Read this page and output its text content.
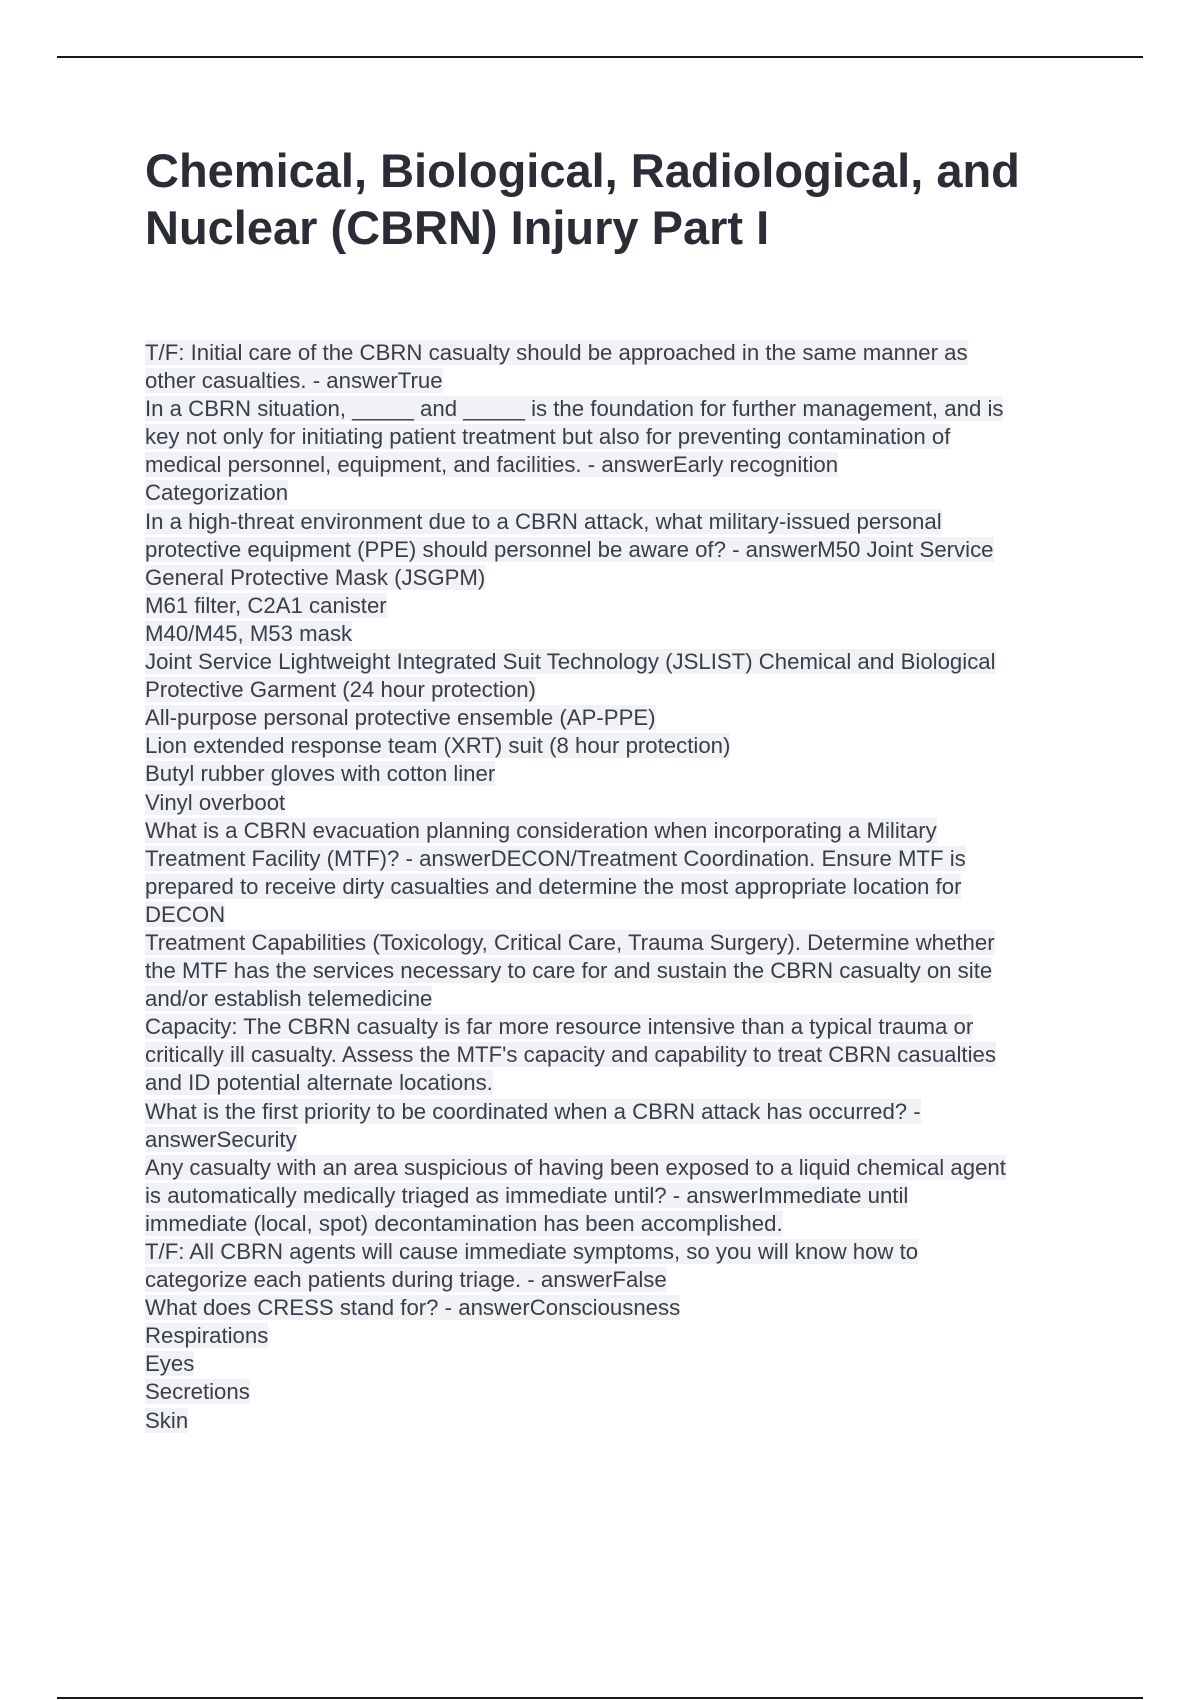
Chemical, Biological, Radiological, and
Nuclear (CBRN) Injury Part I
T/F: Initial care of the CBRN casualty should be approached in the same manner as
other casualties. - answerTrue
In a CBRN situation, _____ and _____ is the foundation for further management, and is
key not only for initiating patient treatment but also for preventing contamination of
medical personnel, equipment, and facilities. - answerEarly recognition
Categorization
In a high-threat environment due to a CBRN attack, what military-issued personal
protective equipment (PPE) should personnel be aware of? - answerM50 Joint Service
General Protective Mask (JSGPM)
M61 filter, C2A1 canister
M40/M45, M53 mask
Joint Service Lightweight Integrated Suit Technology (JSLIST) Chemical and Biological
Protective Garment (24 hour protection)
All-purpose personal protective ensemble (AP-PPE)
Lion extended response team (XRT) suit (8 hour protection)
Butyl rubber gloves with cotton liner
Vinyl overboot
What is a CBRN evacuation planning consideration when incorporating a Military
Treatment Facility (MTF)? - answerDECON/Treatment Coordination. Ensure MTF is
prepared to receive dirty casualties and determine the most appropriate location for
DECON
Treatment Capabilities (Toxicology, Critical Care, Trauma Surgery). Determine whether
the MTF has the services necessary to care for and sustain the CBRN casualty on site
and/or establish telemedicine
Capacity: The CBRN casualty is far more resource intensive than a typical trauma or
critically ill casualty. Assess the MTF's capacity and capability to treat CBRN casualties
and ID potential alternate locations.
What is the first priority to be coordinated when a CBRN attack has occurred? -
answerSecurity
Any casualty with an area suspicious of having been exposed to a liquid chemical agent
is automatically medically triaged as immediate until? - answerImmediate until
immediate (local, spot) decontamination has been accomplished.
T/F: All CBRN agents will cause immediate symptoms, so you will know how to
categorize each patients during triage. - answerFalse
What does CRESS stand for? - answerConsciousness
Respirations
Eyes
Secretions
Skin
